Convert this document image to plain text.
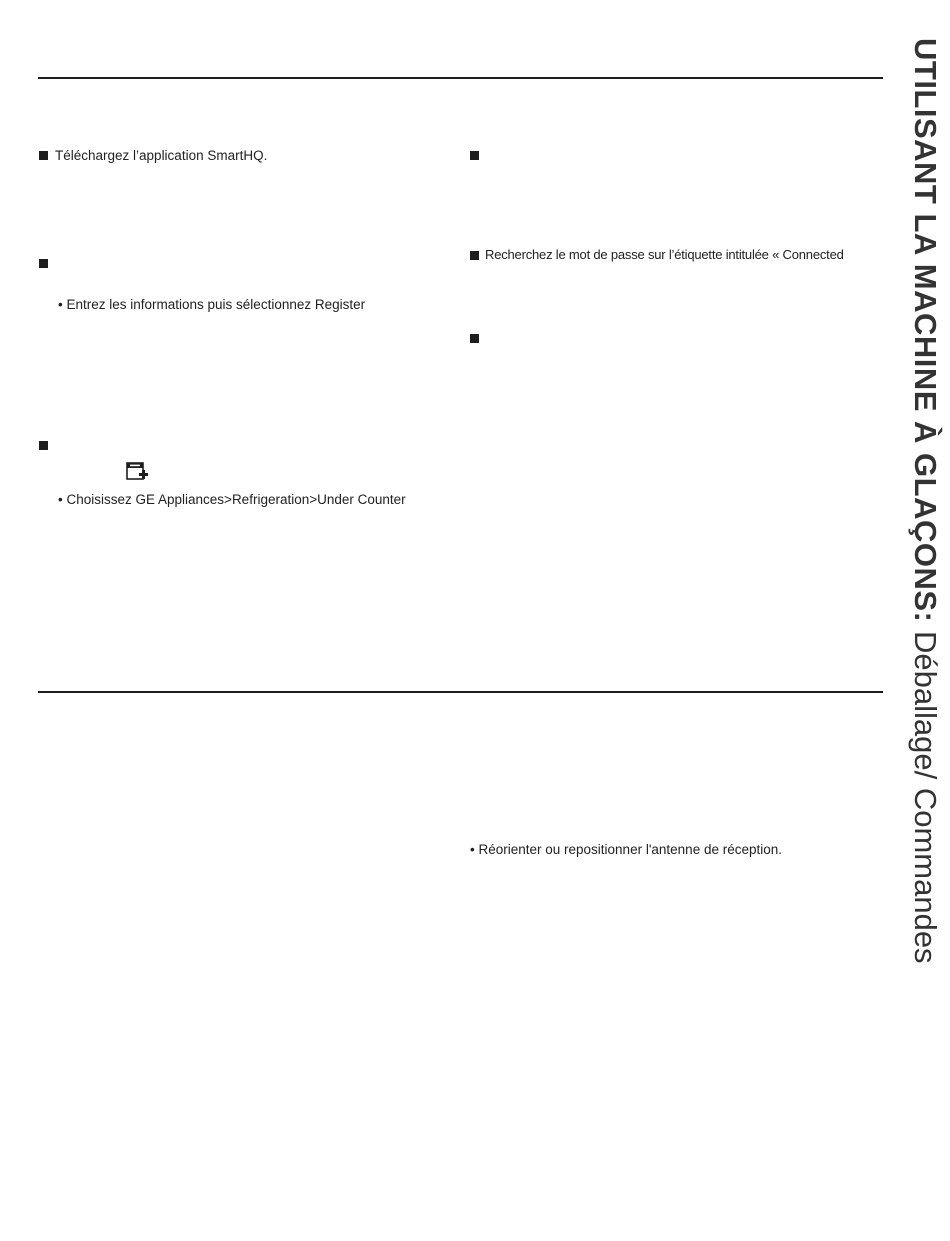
Téléchargez l’application SmartHQ.
• Entrez les informations puis sélectionnez Register
• Choisissez GE Appliances>Refrigeration>Under Counter
Recherchez le mot de passe sur l’étiquette intitulée « Connected
• Réorienter ou repositionner l'antenne de réception.
UTILISANT LA MACHINE À GLAÇONS: Déballage/ Commandes
